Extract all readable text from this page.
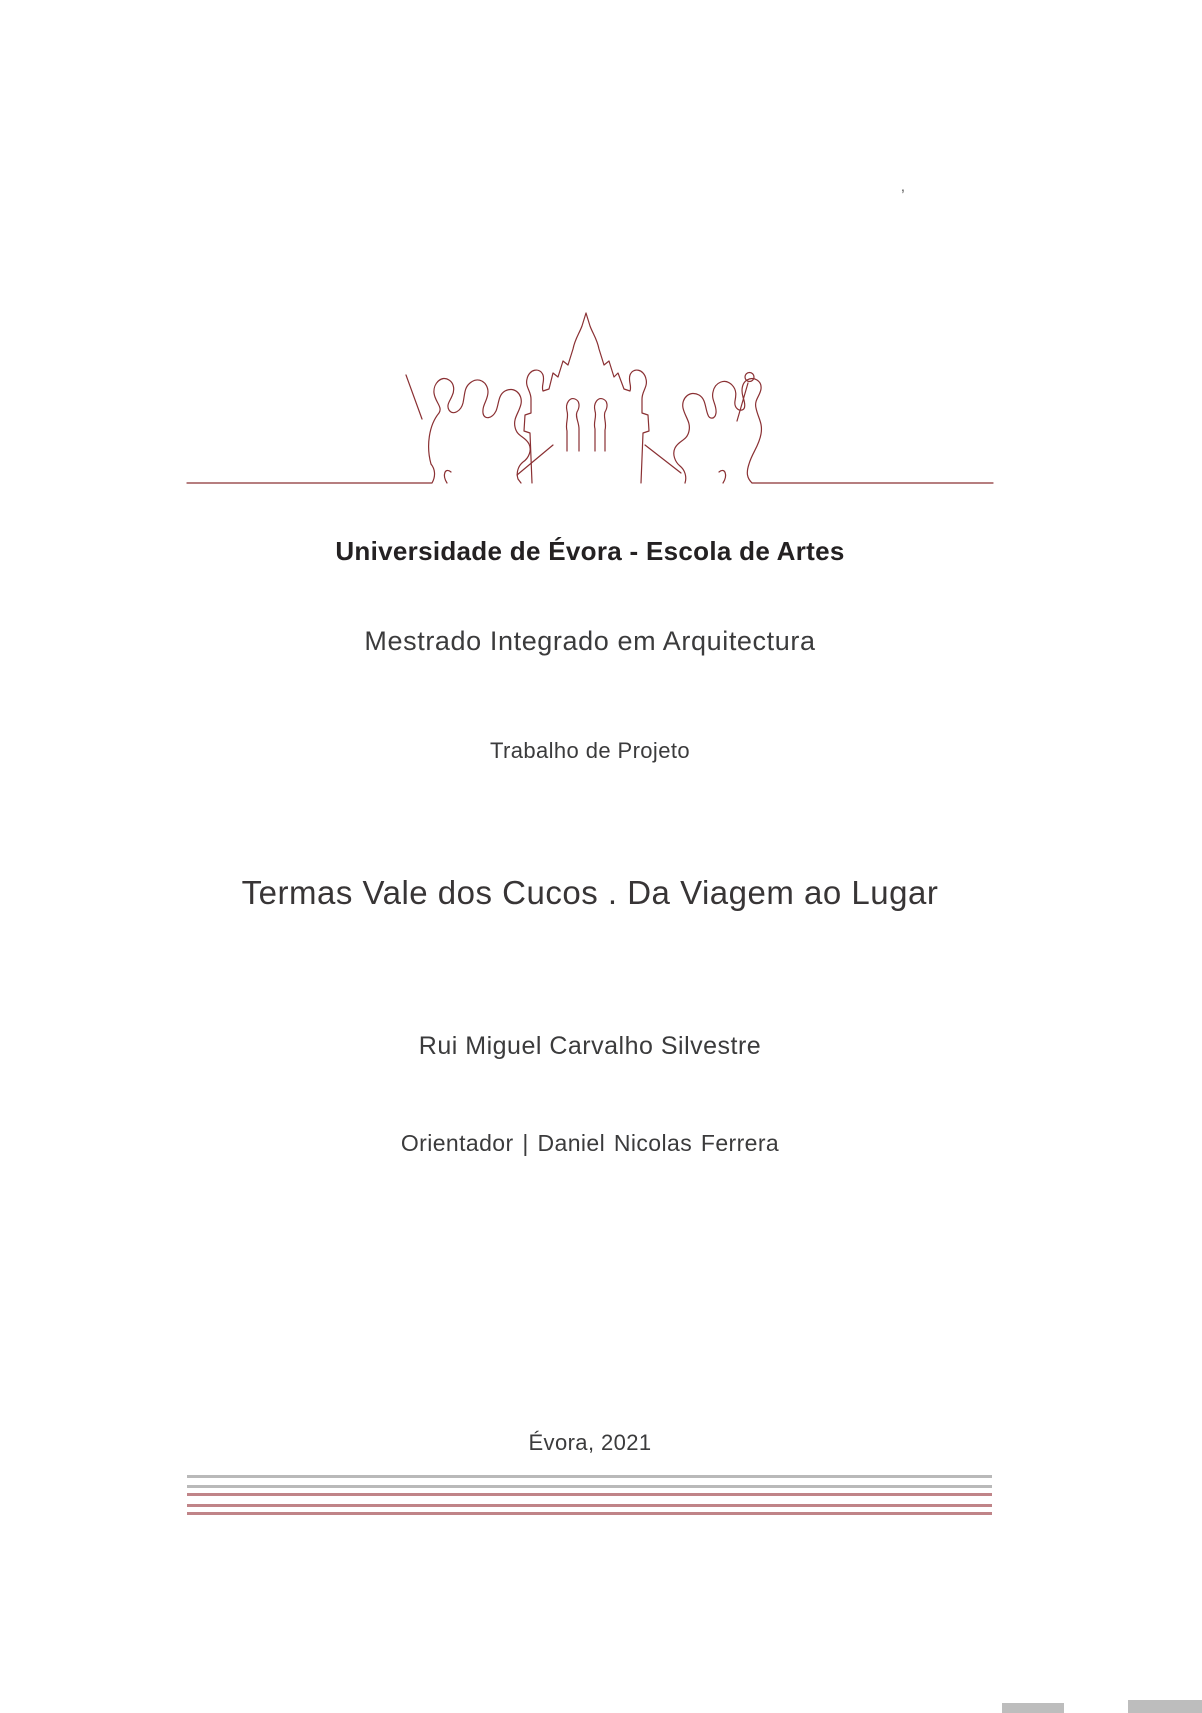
’
Universidade de Évora - Escola de Artes
Mestrado Integrado em Arquitectura
Trabalho de Projeto
Termas Vale dos Cucos . Da Viagem ao Lugar
Rui Miguel Carvalho Silvestre
Orientador | Daniel Nicolas Ferrera
Évora, 2021
